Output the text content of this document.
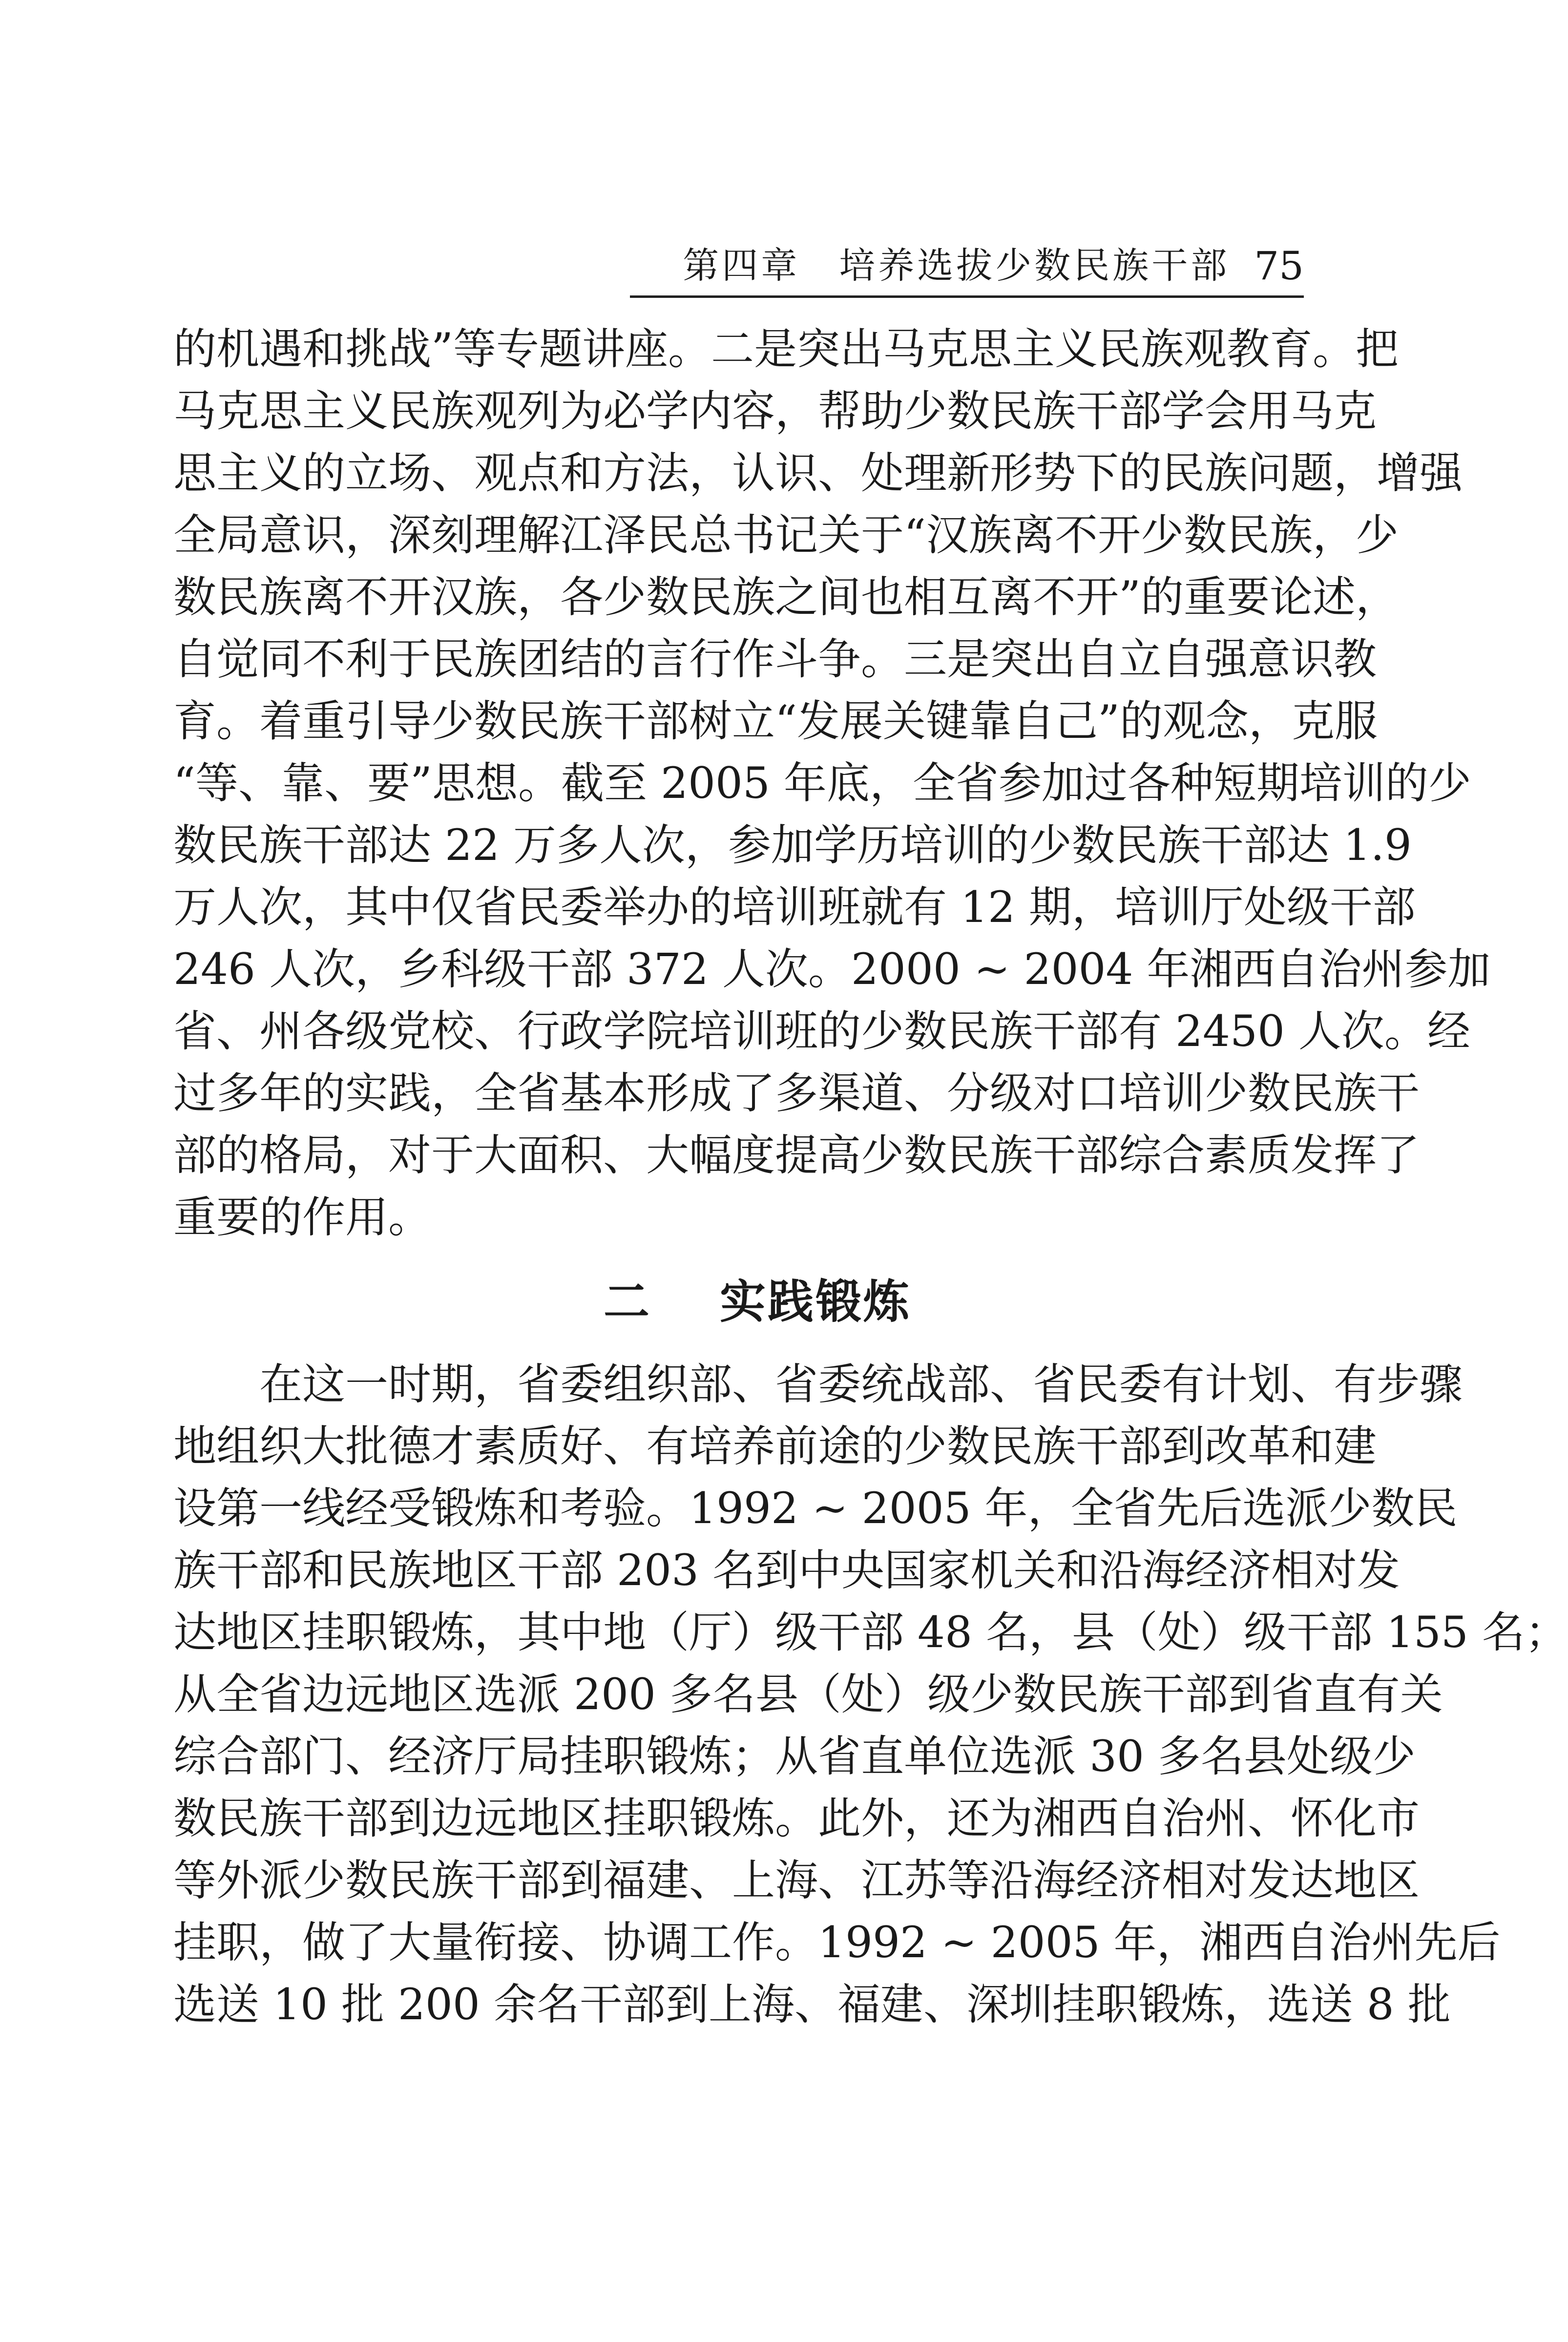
第四章　培养选拔少数民族干部 75
的机遇和挑战”等专题讲座。二是突出马克思主义民族观教育。把
马克思主义民族观列为必学内容，帮助少数民族干部学会用马克
思主义的立场、观点和方法，认识、处理新形势下的民族问题，增强
全局意识，深刻理解江泽民总书记关于“汉族离不开少数民族，少
数民族离不开汉族，各少数民族之间也相互离不开”的重要论述，
自觉同不利于民族团结的言行作斗争。三是突出自立自强意识教
育。着重引导少数民族干部树立“发展关键靠自己”的观念，克服
“等、靠、要”思想。截至 2005 年底，全省参加过各种短期培训的少
数民族干部达 22 万多人次，参加学历培训的少数民族干部达 1.9
万人次，其中仅省民委举办的培训班就有 12 期，培训厅处级干部
246 人次，乡科级干部 372 人次。2000 ~ 2004 年湘西自治州参加
省、州各级党校、行政学院培训班的少数民族干部有 2450 人次。经
过多年的实践，全省基本形成了多渠道、分级对口培训少数民族干
部的格局，对于大面积、大幅度提高少数民族干部综合素质发挥了
重要的作用。
二 实践锻炼
在这一时期，省委组织部、省委统战部、省民委有计划、有步骤
地组织大批德才素质好、有培养前途的少数民族干部到改革和建
设第一线经受锻炼和考验。1992 ~ 2005 年，全省先后选派少数民
族干部和民族地区干部 203 名到中央国家机关和沿海经济相对发
达地区挂职锻炼，其中地（厅）级干部 48 名，县（处）级干部 155 名；
从全省边远地区选派 200 多名县（处）级少数民族干部到省直有关
综合部门、经济厅局挂职锻炼；从省直单位选派 30 多名县处级少
数民族干部到边远地区挂职锻炼。此外，还为湘西自治州、怀化市
等外派少数民族干部到福建、上海、江苏等沿海经济相对发达地区
挂职，做了大量衔接、协调工作。1992 ~ 2005 年，湘西自治州先后
选送 10 批 200 余名干部到上海、福建、深圳挂职锻炼，选送 8 批
